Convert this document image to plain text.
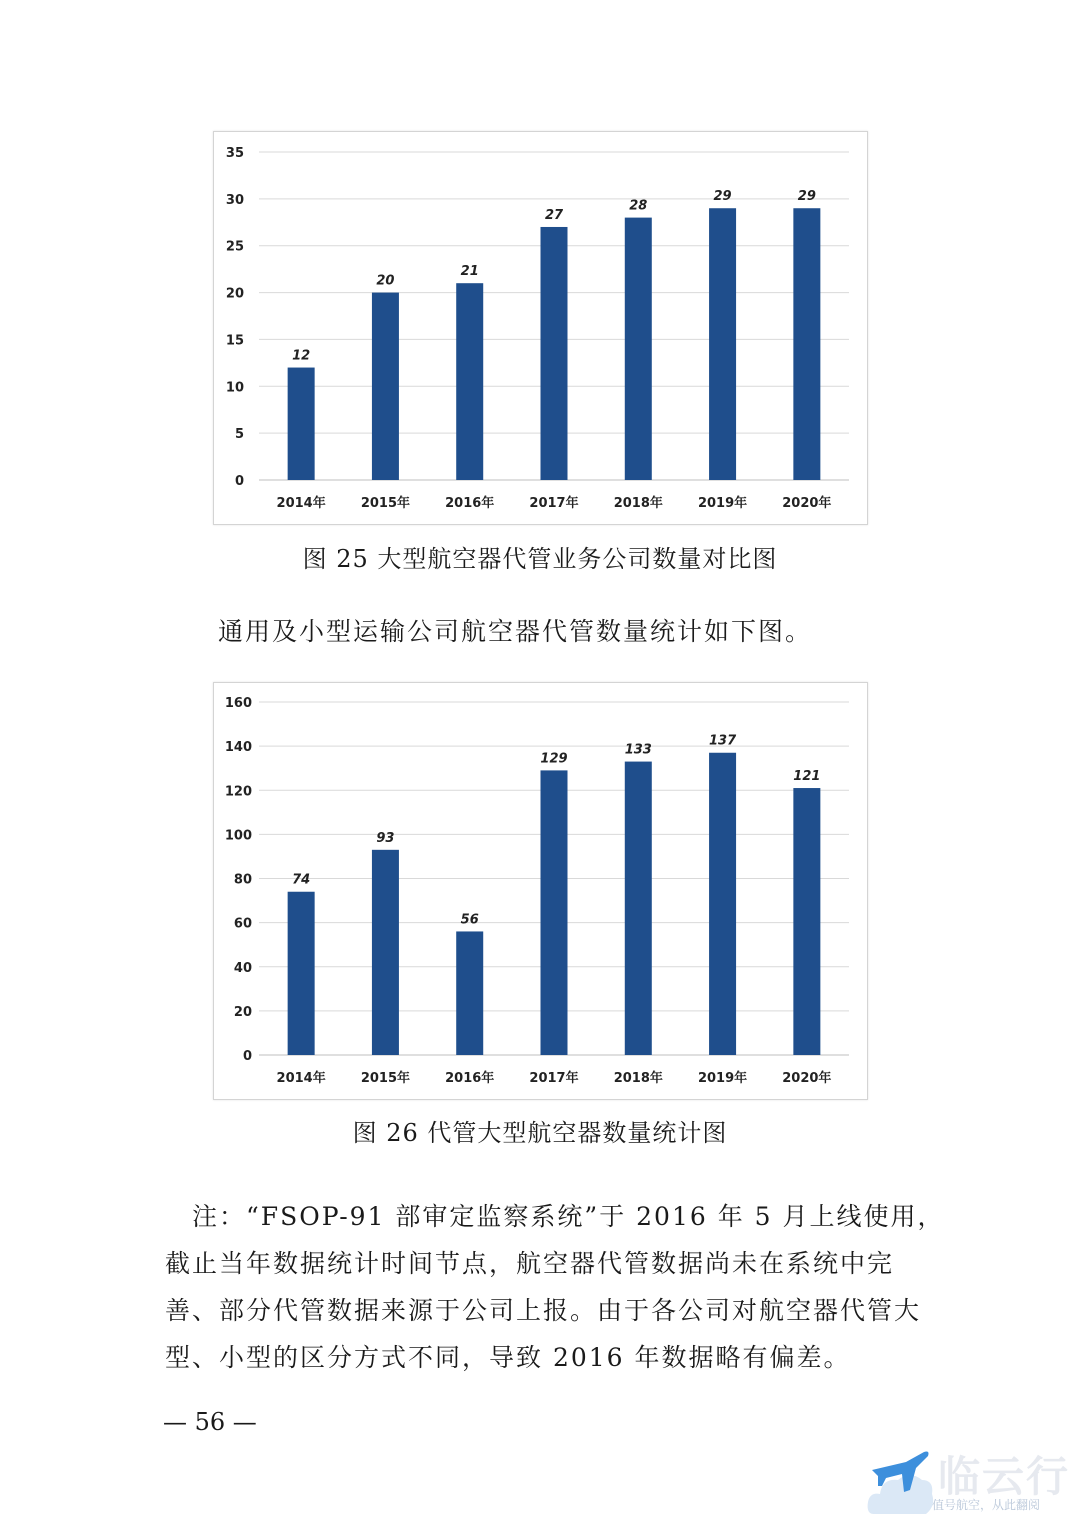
0
5
10
15
20
25
30
35
12
2014年
20
2015年
21
2016年
27
2017年
28
2018年
29
2019年
29
2020年
图 25 大型航空器代管业务公司数量对比图
通用及小型运输公司航空器代管数量统计如下图。
0
20
40
60
80
100
120
140
160
74
2014年
93
2015年
56
2016年
129
2017年
133
2018年
137
2019年
121
2020年
图 26 代管大型航空器数量统计图
　注：“FSOP-91 部审定监察系统”于 2016 年 5 月上线使用，
截止当年数据统计时间节点，航空器代管数据尚未在系统中完
善、部分代管数据来源于公司上报。由于各公司对航空器代管大
型、小型的区分方式不同，导致 2016 年数据略有偏差。
— 56 —
临云行
值号航空，从此翻阅
